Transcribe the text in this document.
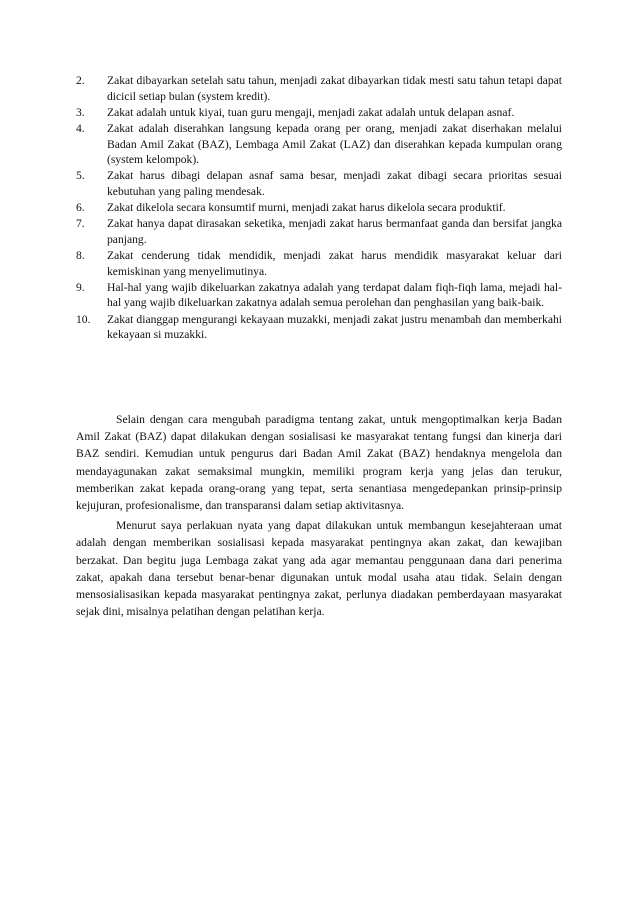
2.	Zakat dibayarkan setelah satu tahun, menjadi zakat dibayarkan tidak mesti satu tahun tetapi dapat dicicil setiap bulan (system kredit).
3.	Zakat adalah untuk kiyai, tuan guru mengaji, menjadi zakat adalah untuk delapan asnaf.
4.	Zakat adalah diserahkan langsung kepada orang per orang, menjadi zakat diserhakan melalui Badan Amil Zakat (BAZ), Lembaga Amil Zakat (LAZ) dan diserahkan kepada kumpulan orang (system kelompok).
5.	Zakat harus dibagi delapan asnaf sama besar, menjadi zakat dibagi secara prioritas sesuai kebutuhan yang paling mendesak.
6.	Zakat dikelola secara konsumtif murni, menjadi zakat harus dikelola secara produktif.
7.	Zakat hanya dapat dirasakan seketika, menjadi zakat harus bermanfaat ganda dan bersifat jangka panjang.
8.	Zakat cenderung tidak mendidik, menjadi zakat harus mendidik masyarakat keluar dari kemiskinan yang menyelimutinya.
9.	Hal-hal yang wajib dikeluarkan zakatnya adalah yang terdapat dalam fiqh-fiqh lama, mejadi hal-hal yang wajib dikeluarkan zakatnya adalah semua perolehan dan penghasilan yang baik-baik.
10.	Zakat dianggap mengurangi kekayaan muzakki, menjadi zakat justru menambah dan memberkahi kekayaan si muzakki.

Selain dengan cara mengubah paradigma tentang zakat, untuk mengoptimalkan kerja Badan Amil Zakat (BAZ) dapat dilakukan dengan sosialisasi ke masyarakat tentang fungsi dan kinerja dari BAZ sendiri. Kemudian untuk pengurus dari Badan Amil Zakat (BAZ) hendaknya mengelola dan mendayagunakan zakat semaksimal mungkin, memiliki program kerja yang jelas dan terukur, memberikan zakat kepada orang-orang yang tepat, serta senantiasa mengedepankan prinsip-prinsip kejujuran, profesionalisme, dan transparansi dalam setiap aktivitasnya.

Menurut saya perlakuan nyata yang dapat dilakukan untuk membangun kesejahteraan umat adalah dengan memberikan sosialisasi kepada masyarakat pentingnya akan zakat, dan kewajiban berzakat. Dan begitu juga Lembaga zakat yang ada agar memantau penggunaan dana dari penerima zakat, apakah dana tersebut benar-benar digunakan untuk modal usaha atau tidak. Selain dengan mensosialisasikan kepada masyarakat pentingnya zakat, perlunya diadakan pemberdayaan masyarakat sejak dini, misalnya pelatihan dengan pelatihan kerja.
